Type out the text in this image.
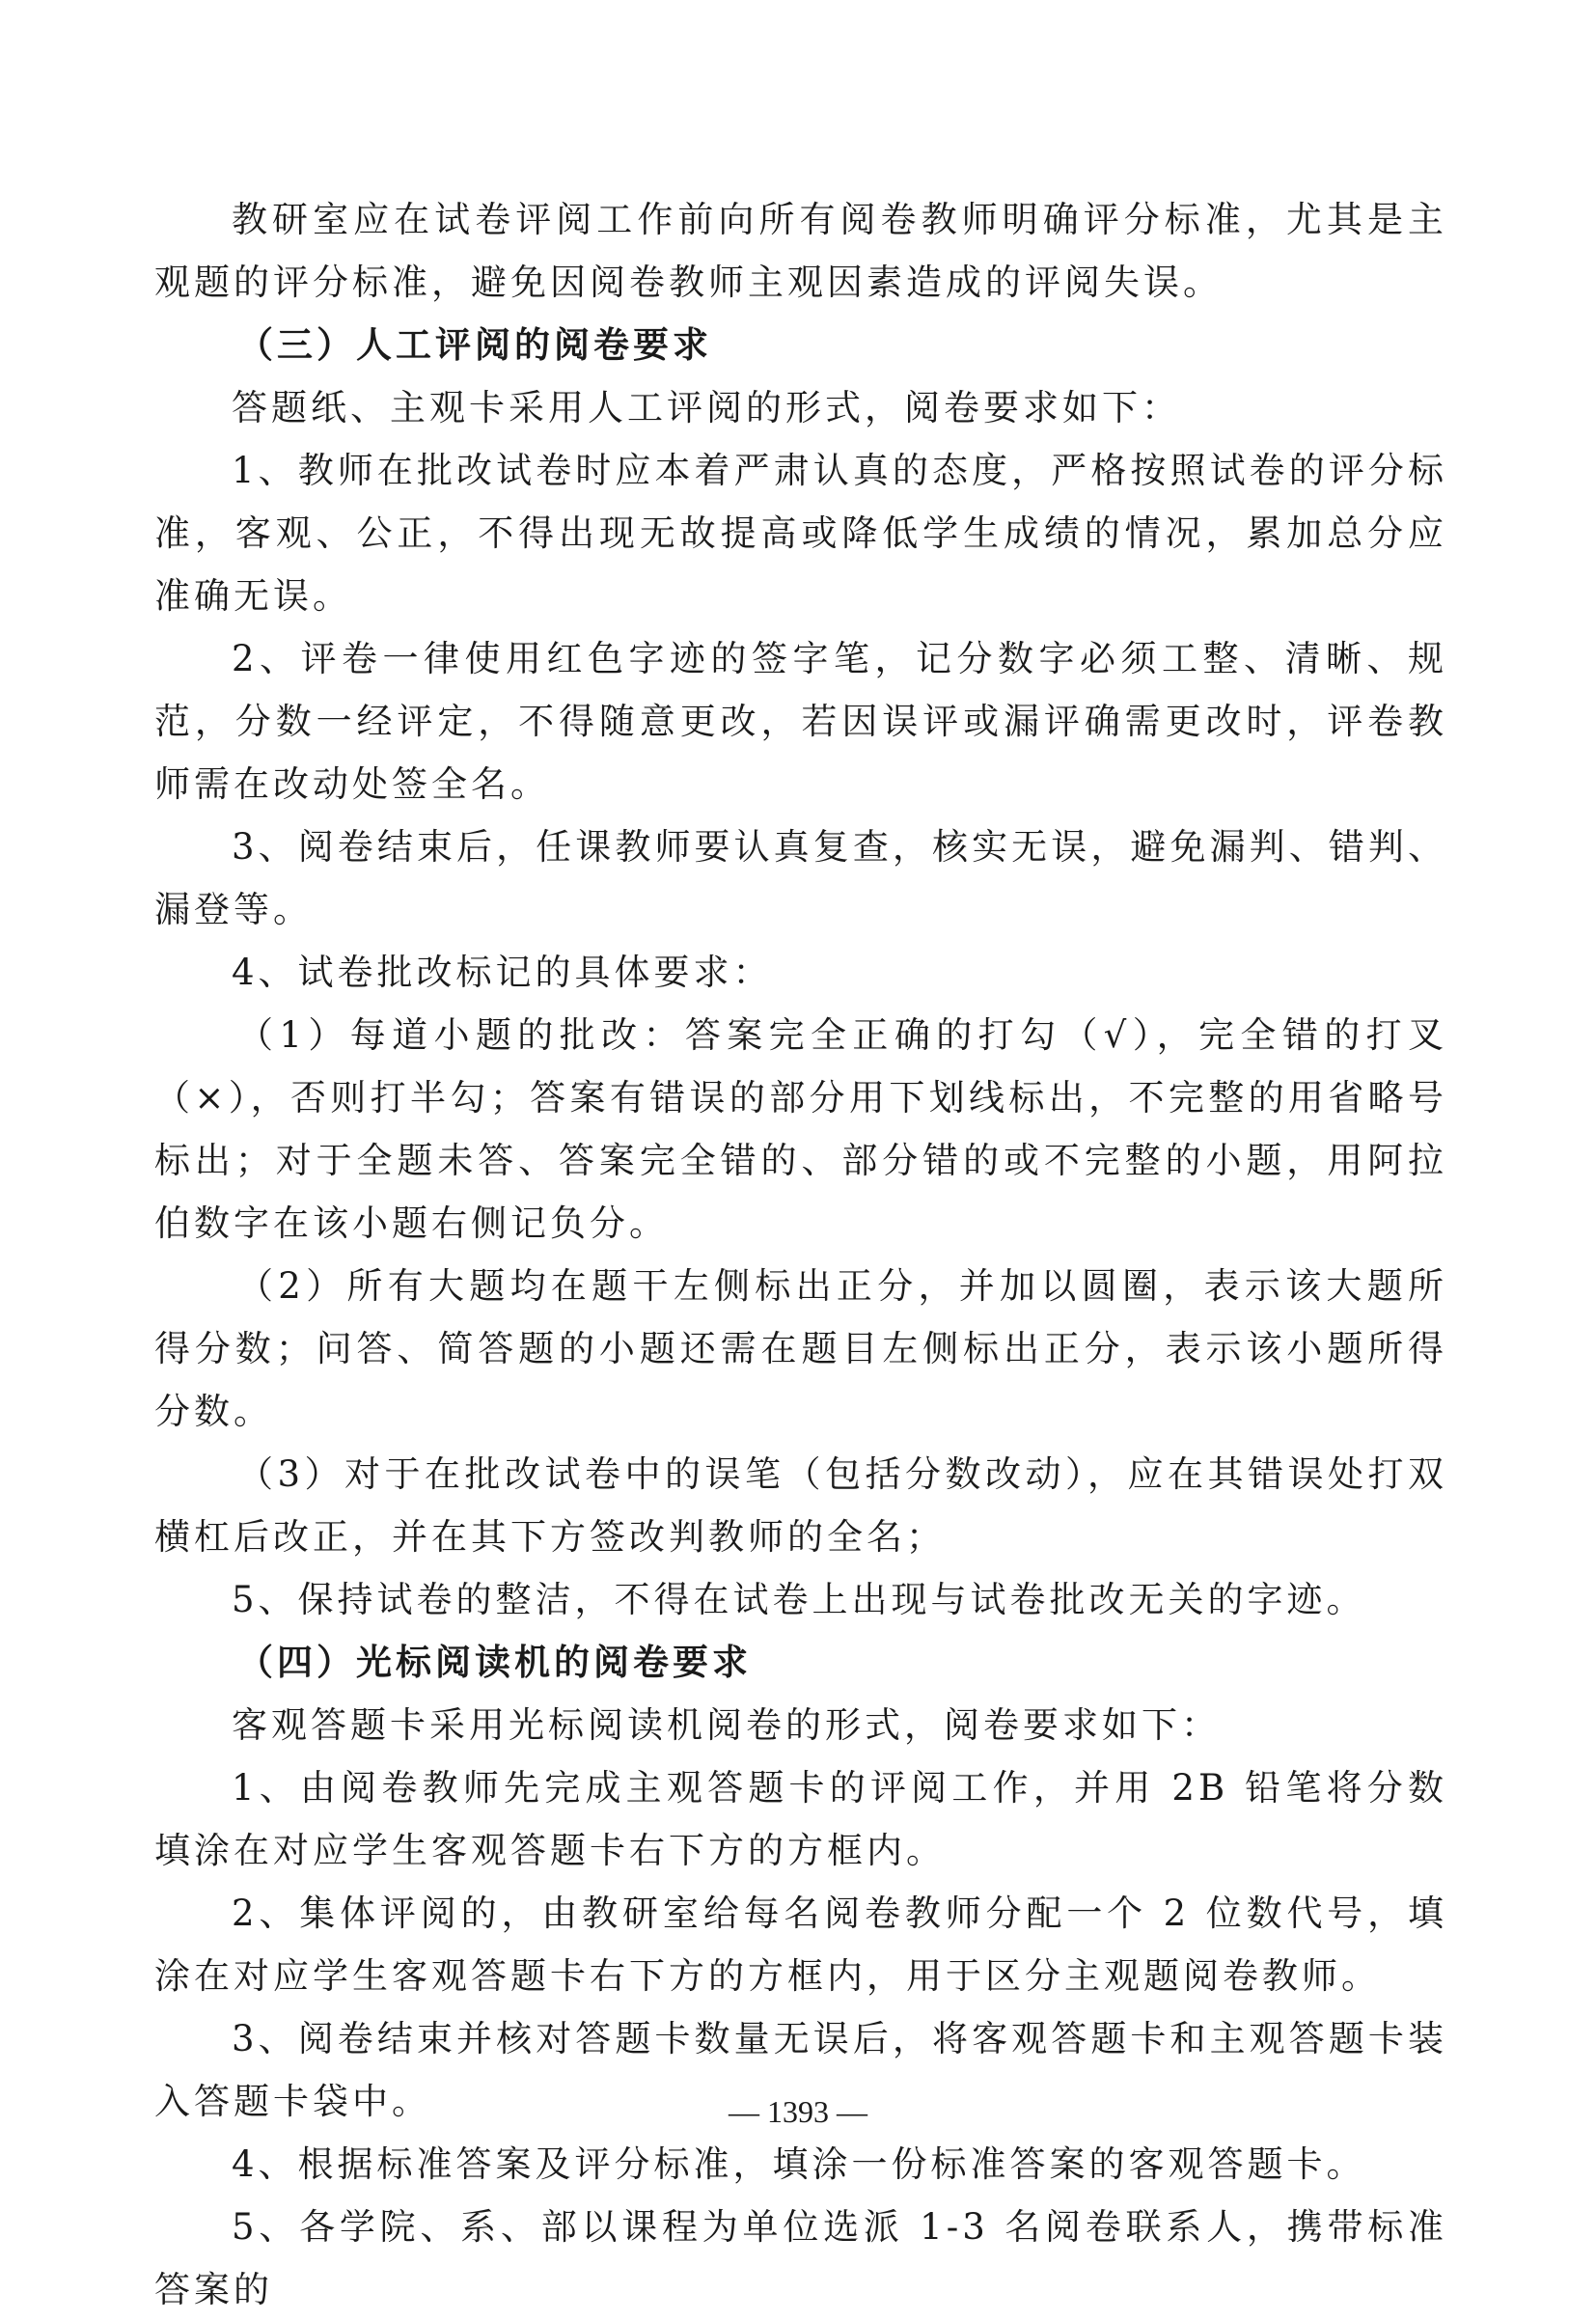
教研室应在试卷评阅工作前向所有阅卷教师明确评分标准，尤其是主观题的评分标准，避免因阅卷教师主观因素造成的评阅失误。

（三）人工评阅的阅卷要求

答题纸、主观卡采用人工评阅的形式，阅卷要求如下：

1、教师在批改试卷时应本着严肃认真的态度，严格按照试卷的评分标准，客观、公正，不得出现无故提高或降低学生成绩的情况，累加总分应准确无误。

2、评卷一律使用红色字迹的签字笔，记分数字必须工整、清晰、规范，分数一经评定，不得随意更改，若因误评或漏评确需更改时，评卷教师需在改动处签全名。

3、阅卷结束后，任课教师要认真复查，核实无误，避免漏判、错判、漏登等。

4、试卷批改标记的具体要求：

（1）每道小题的批改：答案完全正确的打勾（√），完全错的打叉（×），否则打半勾；答案有错误的部分用下划线标出，不完整的用省略号标出；对于全题未答、答案完全错的、部分错的或不完整的小题，用阿拉伯数字在该小题右侧记负分。

（2）所有大题均在题干左侧标出正分，并加以圆圈，表示该大题所得分数；问答、简答题的小题还需在题目左侧标出正分，表示该小题所得分数。

（3）对于在批改试卷中的误笔（包括分数改动），应在其错误处打双横杠后改正，并在其下方签改判教师的全名；

5、保持试卷的整洁，不得在试卷上出现与试卷批改无关的字迹。

（四）光标阅读机的阅卷要求

客观答题卡采用光标阅读机阅卷的形式，阅卷要求如下：

1、由阅卷教师先完成主观答题卡的评阅工作，并用 2B 铅笔将分数填涂在对应学生客观答题卡右下方的方框内。

2、集体评阅的，由教研室给每名阅卷教师分配一个 2 位数代号，填涂在对应学生客观答题卡右下方的方框内，用于区分主观题阅卷教师。

3、阅卷结束并核对答题卡数量无误后，将客观答题卡和主观答题卡装入答题卡袋中。

4、根据标准答案及评分标准，填涂一份标准答案的客观答题卡。

5、各学院、系、部以课程为单位选派 1-3 名阅卷联系人，携带标准答案的

— 1393 —
